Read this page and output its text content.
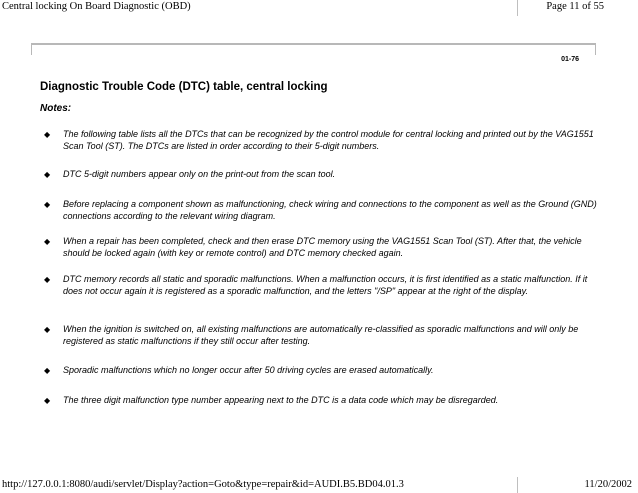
Central locking On Board Diagnostic (OBD)	Page 11 of 55
01-76
Diagnostic Trouble Code (DTC) table, central locking
Notes:
◆	The following table lists all the DTCs that can be recognized by the control module for central locking and printed out by the VAG1551 Scan Tool (ST). The DTCs are listed in order according to their 5-digit numbers.
◆	DTC 5-digit numbers appear only on the print-out from the scan tool.
◆	Before replacing a component shown as malfunctioning, check wiring and connections to the component as well as the Ground (GND) connections according to the relevant wiring diagram.
◆	When a repair has been completed, check and then erase DTC memory using the VAG1551 Scan Tool (ST). After that, the vehicle should be locked again (with key or remote control) and DTC memory checked again.
◆	DTC memory records all static and sporadic malfunctions. When a malfunction occurs, it is first identified as a static malfunction. If it does not occur again it is registered as a sporadic malfunction, and the letters "/SP" appear at the right of the display.
◆	When the ignition is switched on, all existing malfunctions are automatically re-classified as sporadic malfunctions and will only be registered as static malfunctions if they still occur after testing.
◆	Sporadic malfunctions which no longer occur after 50 driving cycles are erased automatically.
◆	The three digit malfunction type number appearing next to the DTC is a data code which may be disregarded.
http://127.0.0.1:8080/audi/servlet/Display?action=Goto&type=repair&id=AUDI.B5.BD04.01.3	11/20/2002
